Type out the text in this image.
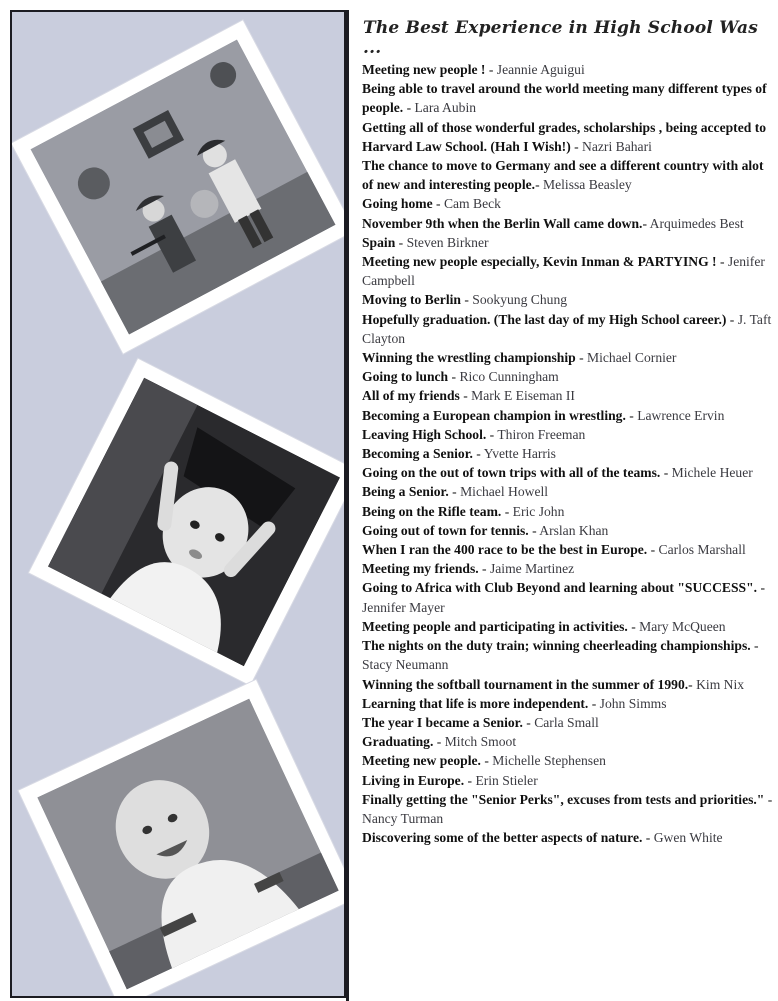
The Best Experience in High School Was ...

Meeting new people ! - Jeannie Aguigui

Being able to travel around the world meeting many different types of people. - Lara Aubin

Getting all of those wonderful grades, scholarships , being accepted to Harvard Law School. (Hah I Wish!) - Nazri Bahari

The chance to move to Germany and see a different country with alot of new and interesting people.- Melissa Beasley

Going home - Cam Beck

November 9th when the Berlin Wall came down.- Arquimedes Best

Spain - Steven Birkner

Meeting new people especially, Kevin Inman & PARTYING ! - Jenifer Campbell

Moving to Berlin - Sookyung Chung

Hopefully graduation. (The last day of my High School career.) - J. Taft Clayton

Winning the wrestling championship - Michael Cornier

Going to lunch - Rico Cunningham

All of my friends - Mark E Eiseman II

Becoming a European champion in wrestling. - Lawrence Ervin

Leaving High School. - Thiron Freeman

Becoming a Senior. - Yvette Harris

Going on the out of town trips with all of the teams. - Michele Heuer

Being a Senior. - Michael Howell

Being on the Rifle team. - Eric John

Going out of town for tennis. - Arslan Khan

When I ran the 400 race to be the best in Europe. - Carlos Marshall

Meeting my friends. - Jaime Martinez

Going to Africa with Club Beyond and learning about "SUCCESS". - Jennifer Mayer

Meeting people and participating in activities. - Mary McQueen

The nights on the duty train; winning cheerleading championships. - Stacy Neumann

Winning the softball tournament in the summer of 1990.- Kim Nix

Learning that life is more independent. - John Simms

The year I became a Senior. - Carla Small

Graduating. - Mitch Smoot

Meeting new people. - Michelle Stephensen

Living in Europe. - Erin Stieler

Finally getting the "Senior Perks", excuses from tests and priorities." - Nancy Turman

Discovering some of the better aspects of nature. - Gwen White
